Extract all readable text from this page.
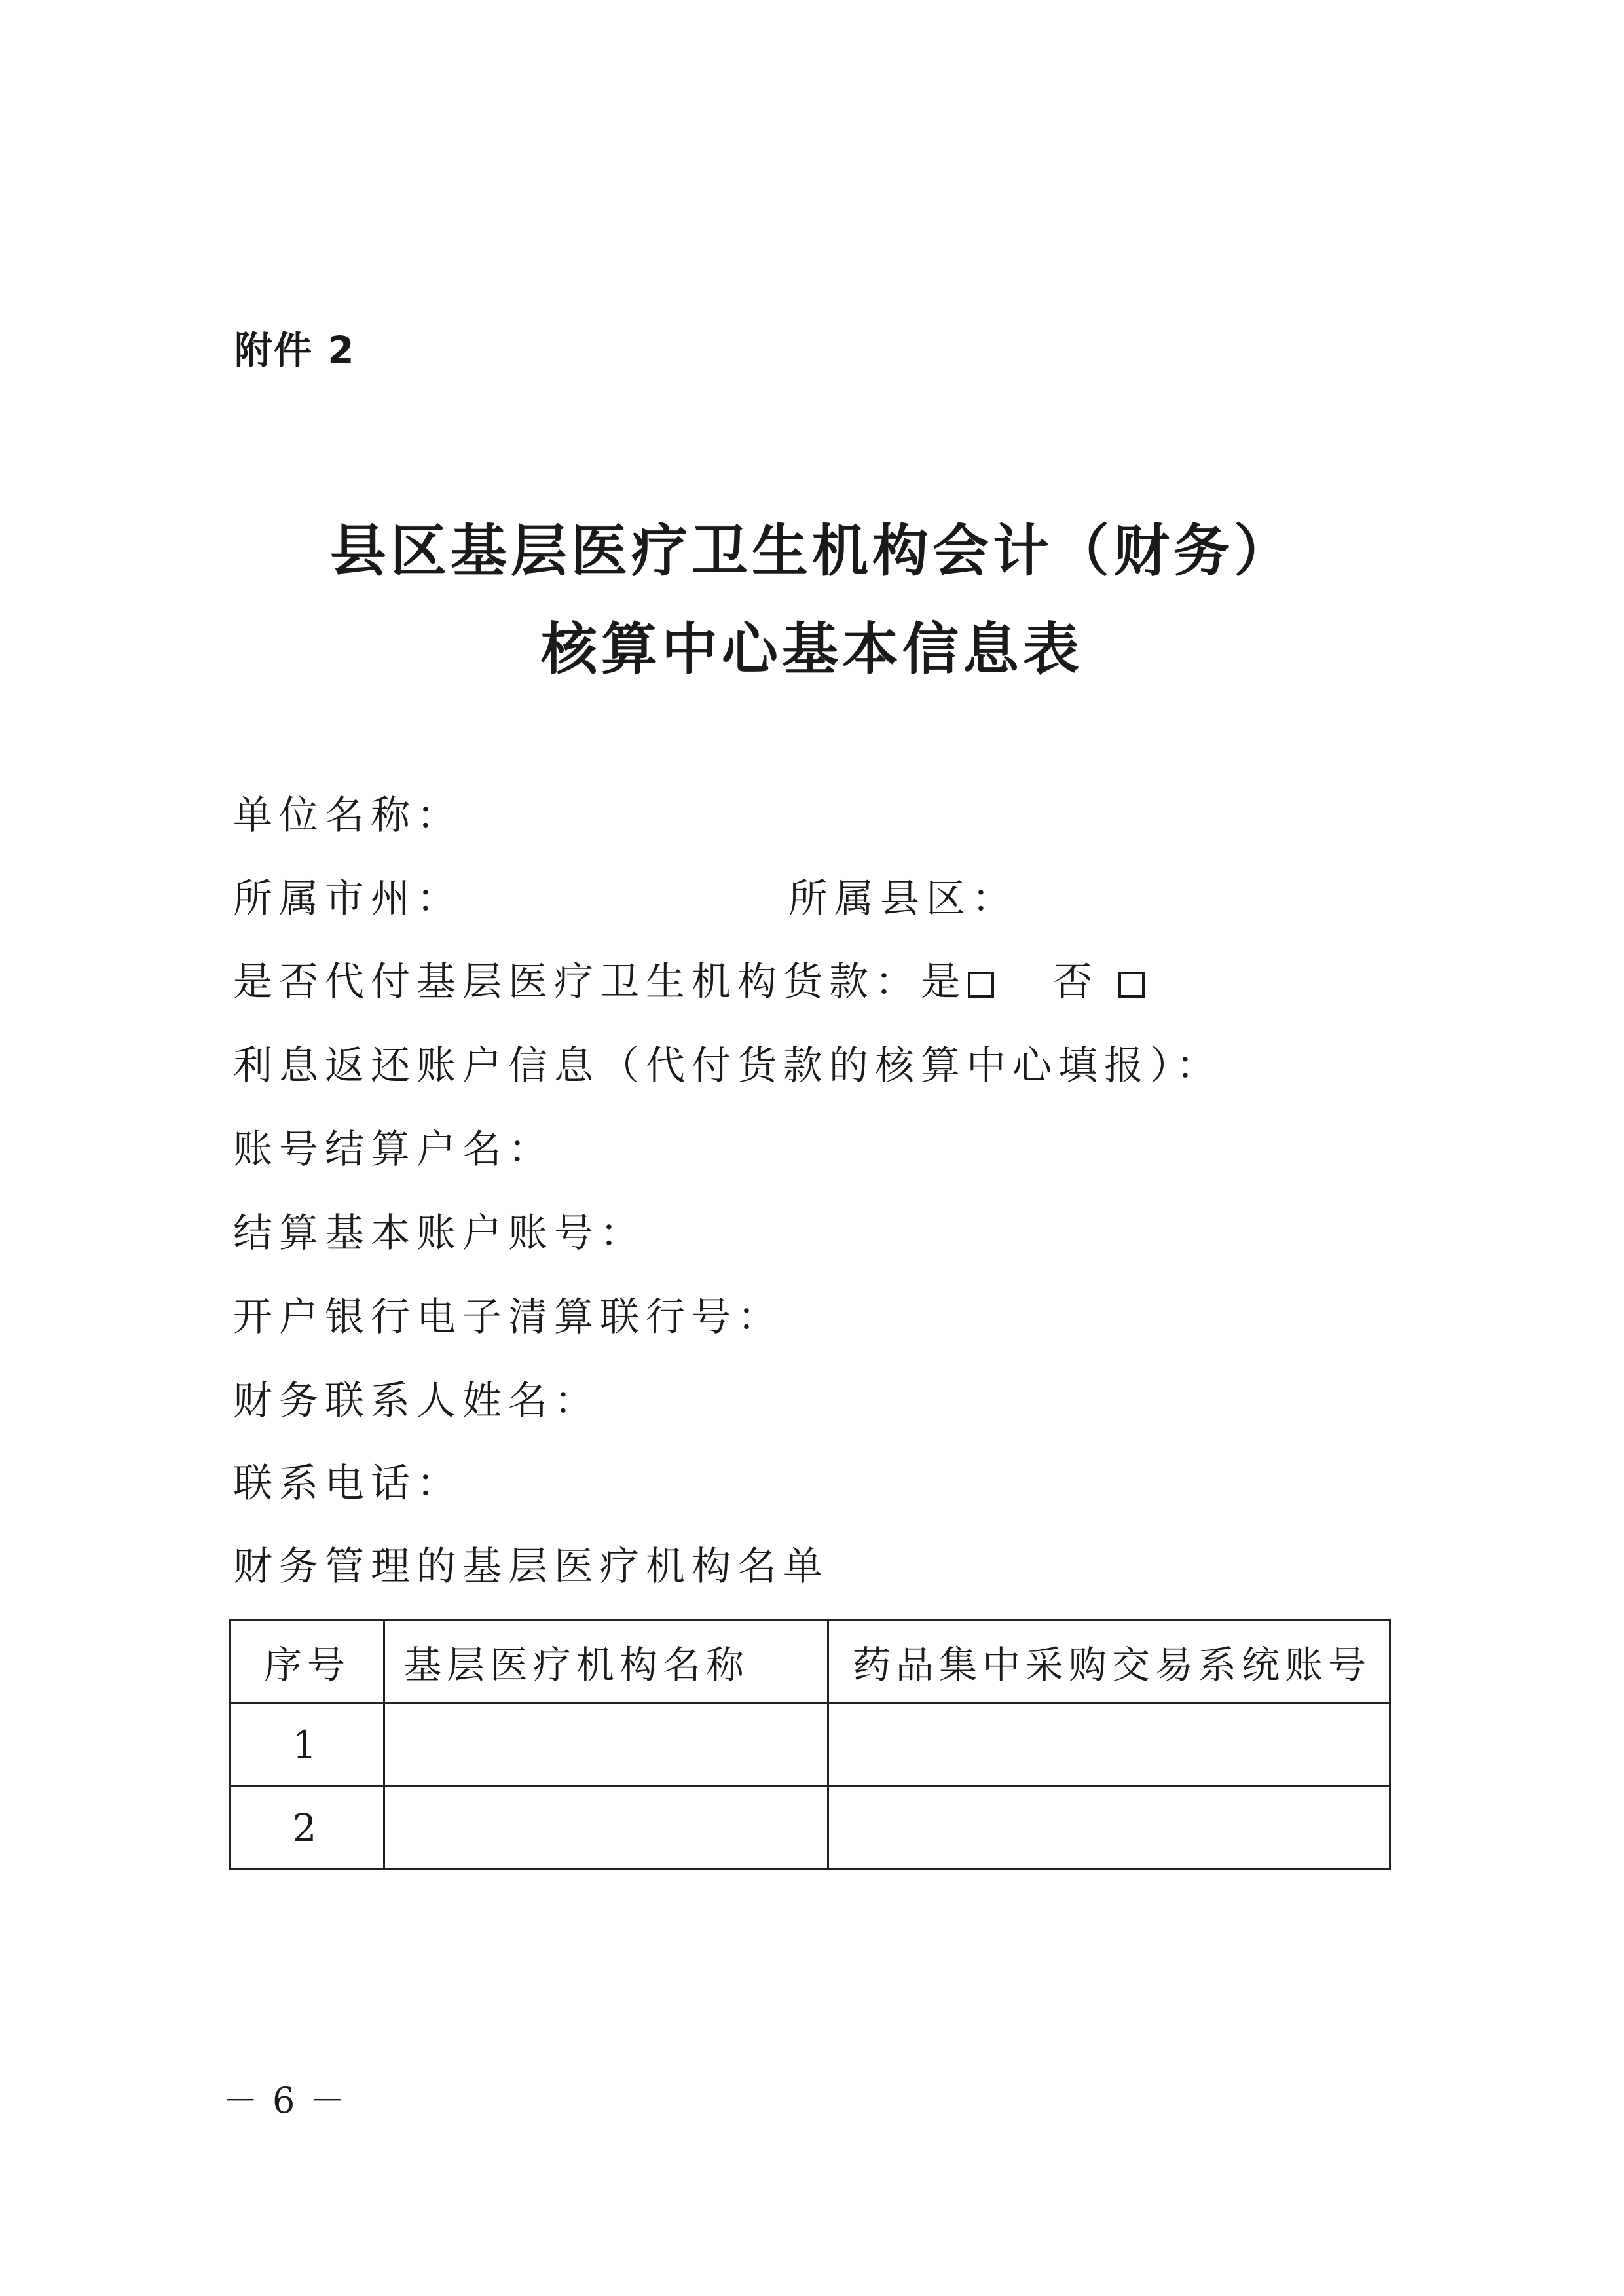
附件 2
县区基层医疗卫生机构会计（财务）
核算中心基本信息表
单位名称：
所属市州：	所属县区：
是否代付基层医疗卫生机构货款：是	否
利息返还账户信息（代付货款的核算中心填报）：
账号结算户名：
结算基本账户账号：
开户银行电子清算联行号：
财务联系人姓名：
联系电话：
财务管理的基层医疗机构名单
序号	基层医疗机构名称	药品集中采购交易系统账号
1		
2		
－6－
